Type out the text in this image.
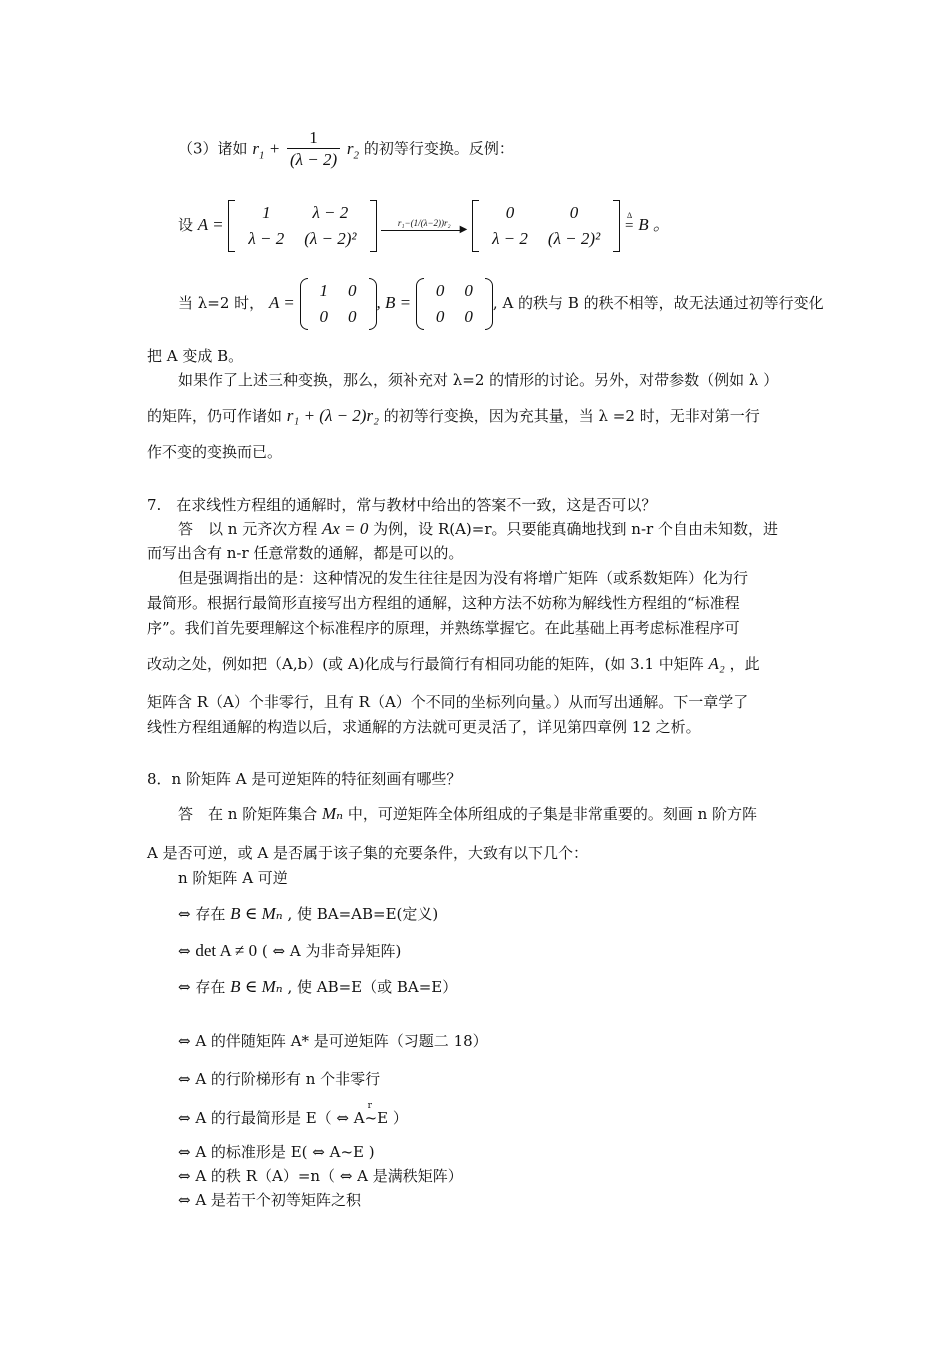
（3）诸如 $r_1 + \frac{1}{(\lambda - 2)} r_2$ 的初等行变换。反例：
设 A =
1	λ − 2
λ − 2	(λ − 2)²

r₁−(1/(λ−2))r₂
▶

0	0
λ − 2	(λ − 2)²

Δ
= B 。
当 λ=2 时， A =
1	0
0	0
, B =
0	0
0	0
, A 的秩与 B 的秩不相等，故无法通过初等行变化
把 A 变成 B。
如果作了上述三种变换，那么，须补充对 λ=2 的情形的讨论。另外，对带参数（例如 λ ）
的矩阵，仍可作诸如 r₁ + (λ − 2)r₂ 的初等行变换，因为充其量，当 λ =2 时，无非对第一行
作不变的变换而已。
7.　在求线性方程组的通解时，常与教材中给出的答案不一致，这是否可以？
答　以 n 元齐次方程 Ax = 0 为例，设 R(A)=r。只要能真确地找到 n-r 个自由未知数，进
而写出含有 n-r 任意常数的通解，都是可以的。
但是强调指出的是：这种情况的发生往往是因为没有将增广矩阵（或系数矩阵）化为行
最简形。根据行最简形直接写出方程组的通解，这种方法不妨称为解线性方程组的“标准程
序”。我们首先要理解这个标准程序的原理，并熟练掌握它。在此基础上再考虑标准程序可
改动之处，例如把（A,b）(或 A)化成与行最简行有相同功能的矩阵，(如 3.1 中矩阵 A₂ ，此
矩阵含 R（A）个非零行，且有 R（A）个不同的坐标列向量。）从而写出通解。下一章学了
线性方程组通解的构造以后，求通解的方法就可更灵活了，详见第四章例 12 之析。
8．n 阶矩阵 A 是可逆矩阵的特征刻画有哪些？
答　在 n 阶矩阵集合 Mₙ 中，可逆矩阵全体所组成的子集是非常重要的。刻画 n 阶方阵
A 是否可逆，或 A 是否属于该子集的充要条件，大致有以下几个：
n 阶矩阵 A 可逆
⇔ 存在 B ∈ Mₙ , 使 BA=AB=E(定义)
⇔ det A ≠ 0 ( ⇔ A 为非奇异矩阵)
⇔ 存在 B ∈ Mₙ , 使 AB=E（或 BA=E）
⇔ A 的伴随矩阵 A* 是可逆矩阵（习题二 18）
⇔ A 的行阶梯形有 n 个非零行
⇔ A 的行最简形是 E（ ⇔ A
r
~E ）
⇔ A 的标准形是 E( ⇔ A~E )
⇔ A 的秩 R（A）=n（ ⇔ A 是满秩矩阵）
⇔ A 是若干个初等矩阵之积
